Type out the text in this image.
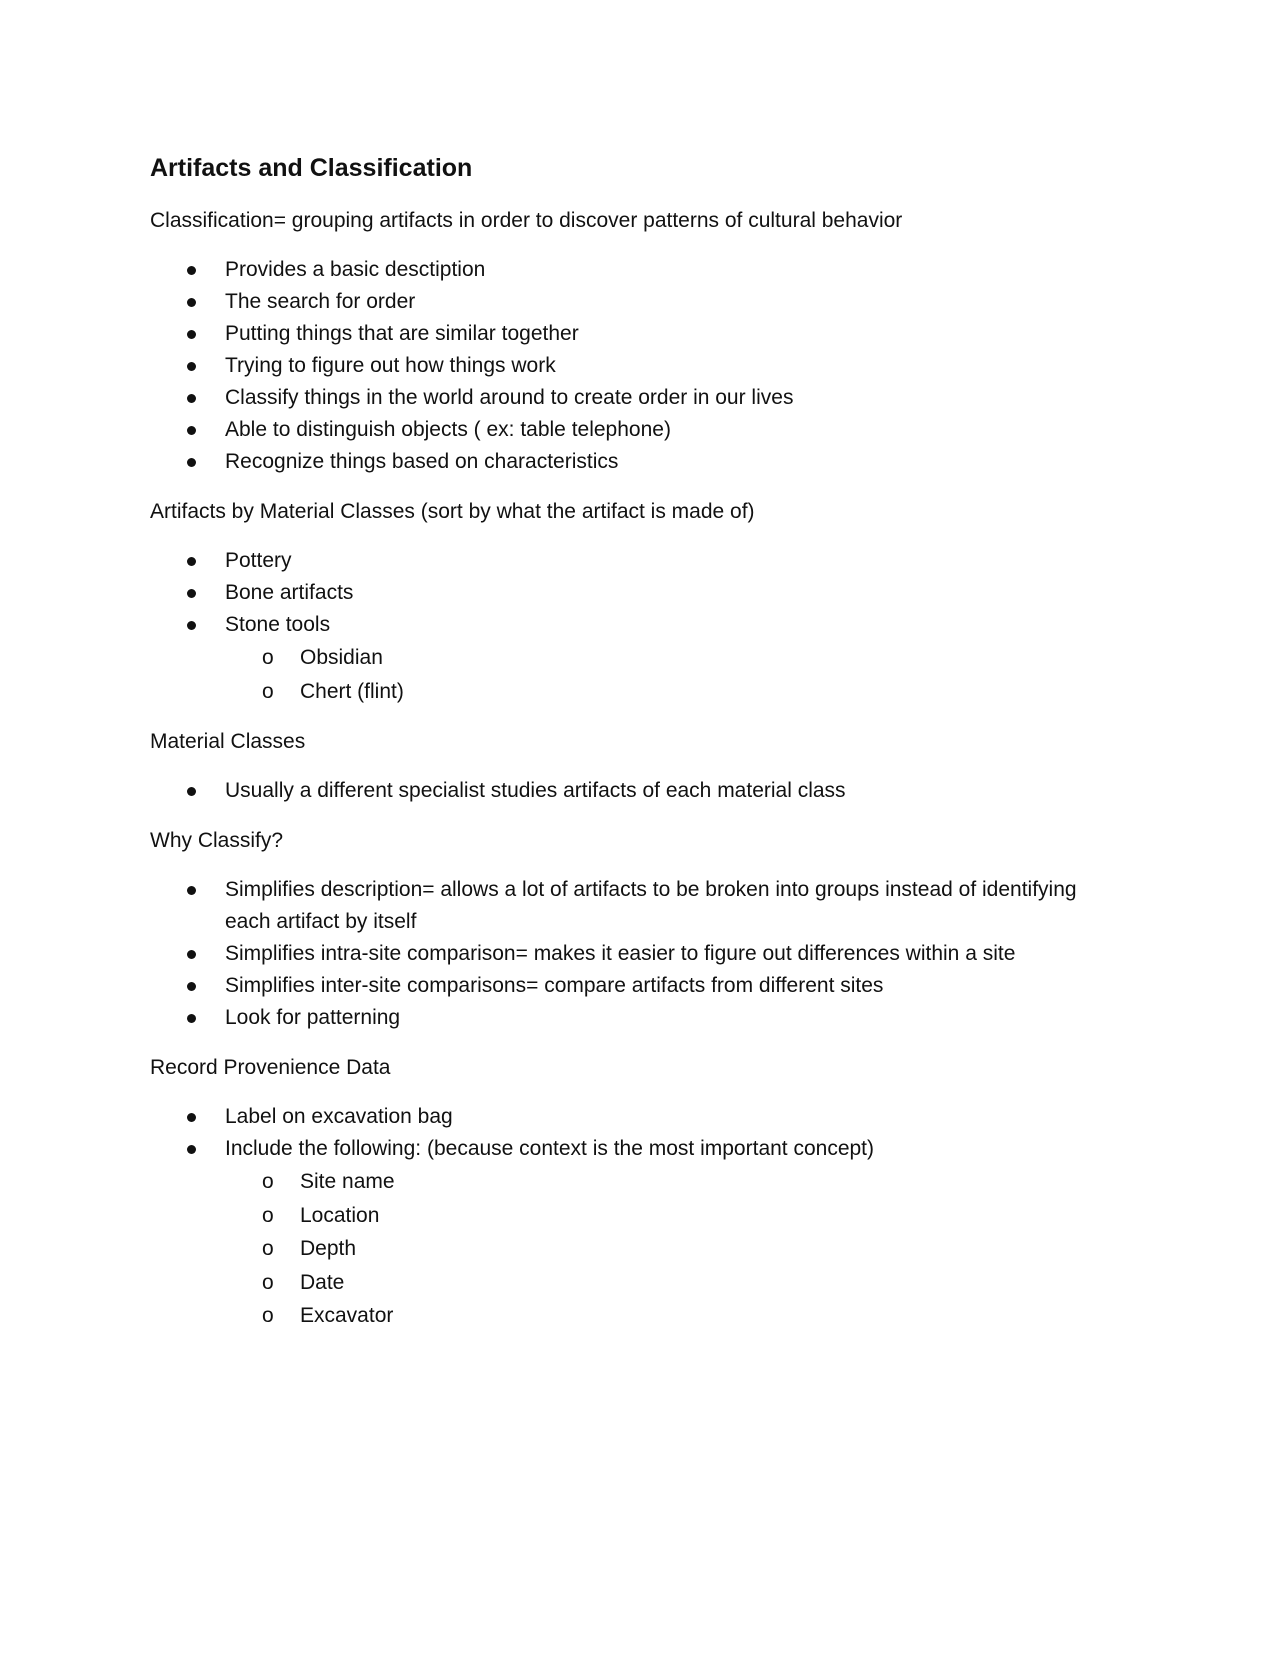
Artifacts and Classification
Classification= grouping artifacts in order to discover patterns of cultural behavior
Provides a basic desctiption
The search for order
Putting things that are similar together
Trying to figure out how things work
Classify things in the world around to create order in our lives
Able to distinguish objects ( ex: table telephone)
Recognize things based on characteristics
Artifacts by Material Classes (sort by what the artifact is made of)
Pottery
Bone artifacts
Stone tools
o Obsidian
o Chert (flint)
Material Classes
Usually a different specialist studies artifacts of each material class
Why Classify?
Simplifies description= allows a lot of artifacts to be broken into groups instead of identifying each artifact by itself
Simplifies intra-site comparison= makes it easier to figure out differences within a site
Simplifies inter-site comparisons= compare artifacts from different sites
Look for patterning
Record Provenience Data
Label on excavation bag
Include the following: (because context is the most important concept)
o Site name
o Location
o Depth
o Date
o Excavator
